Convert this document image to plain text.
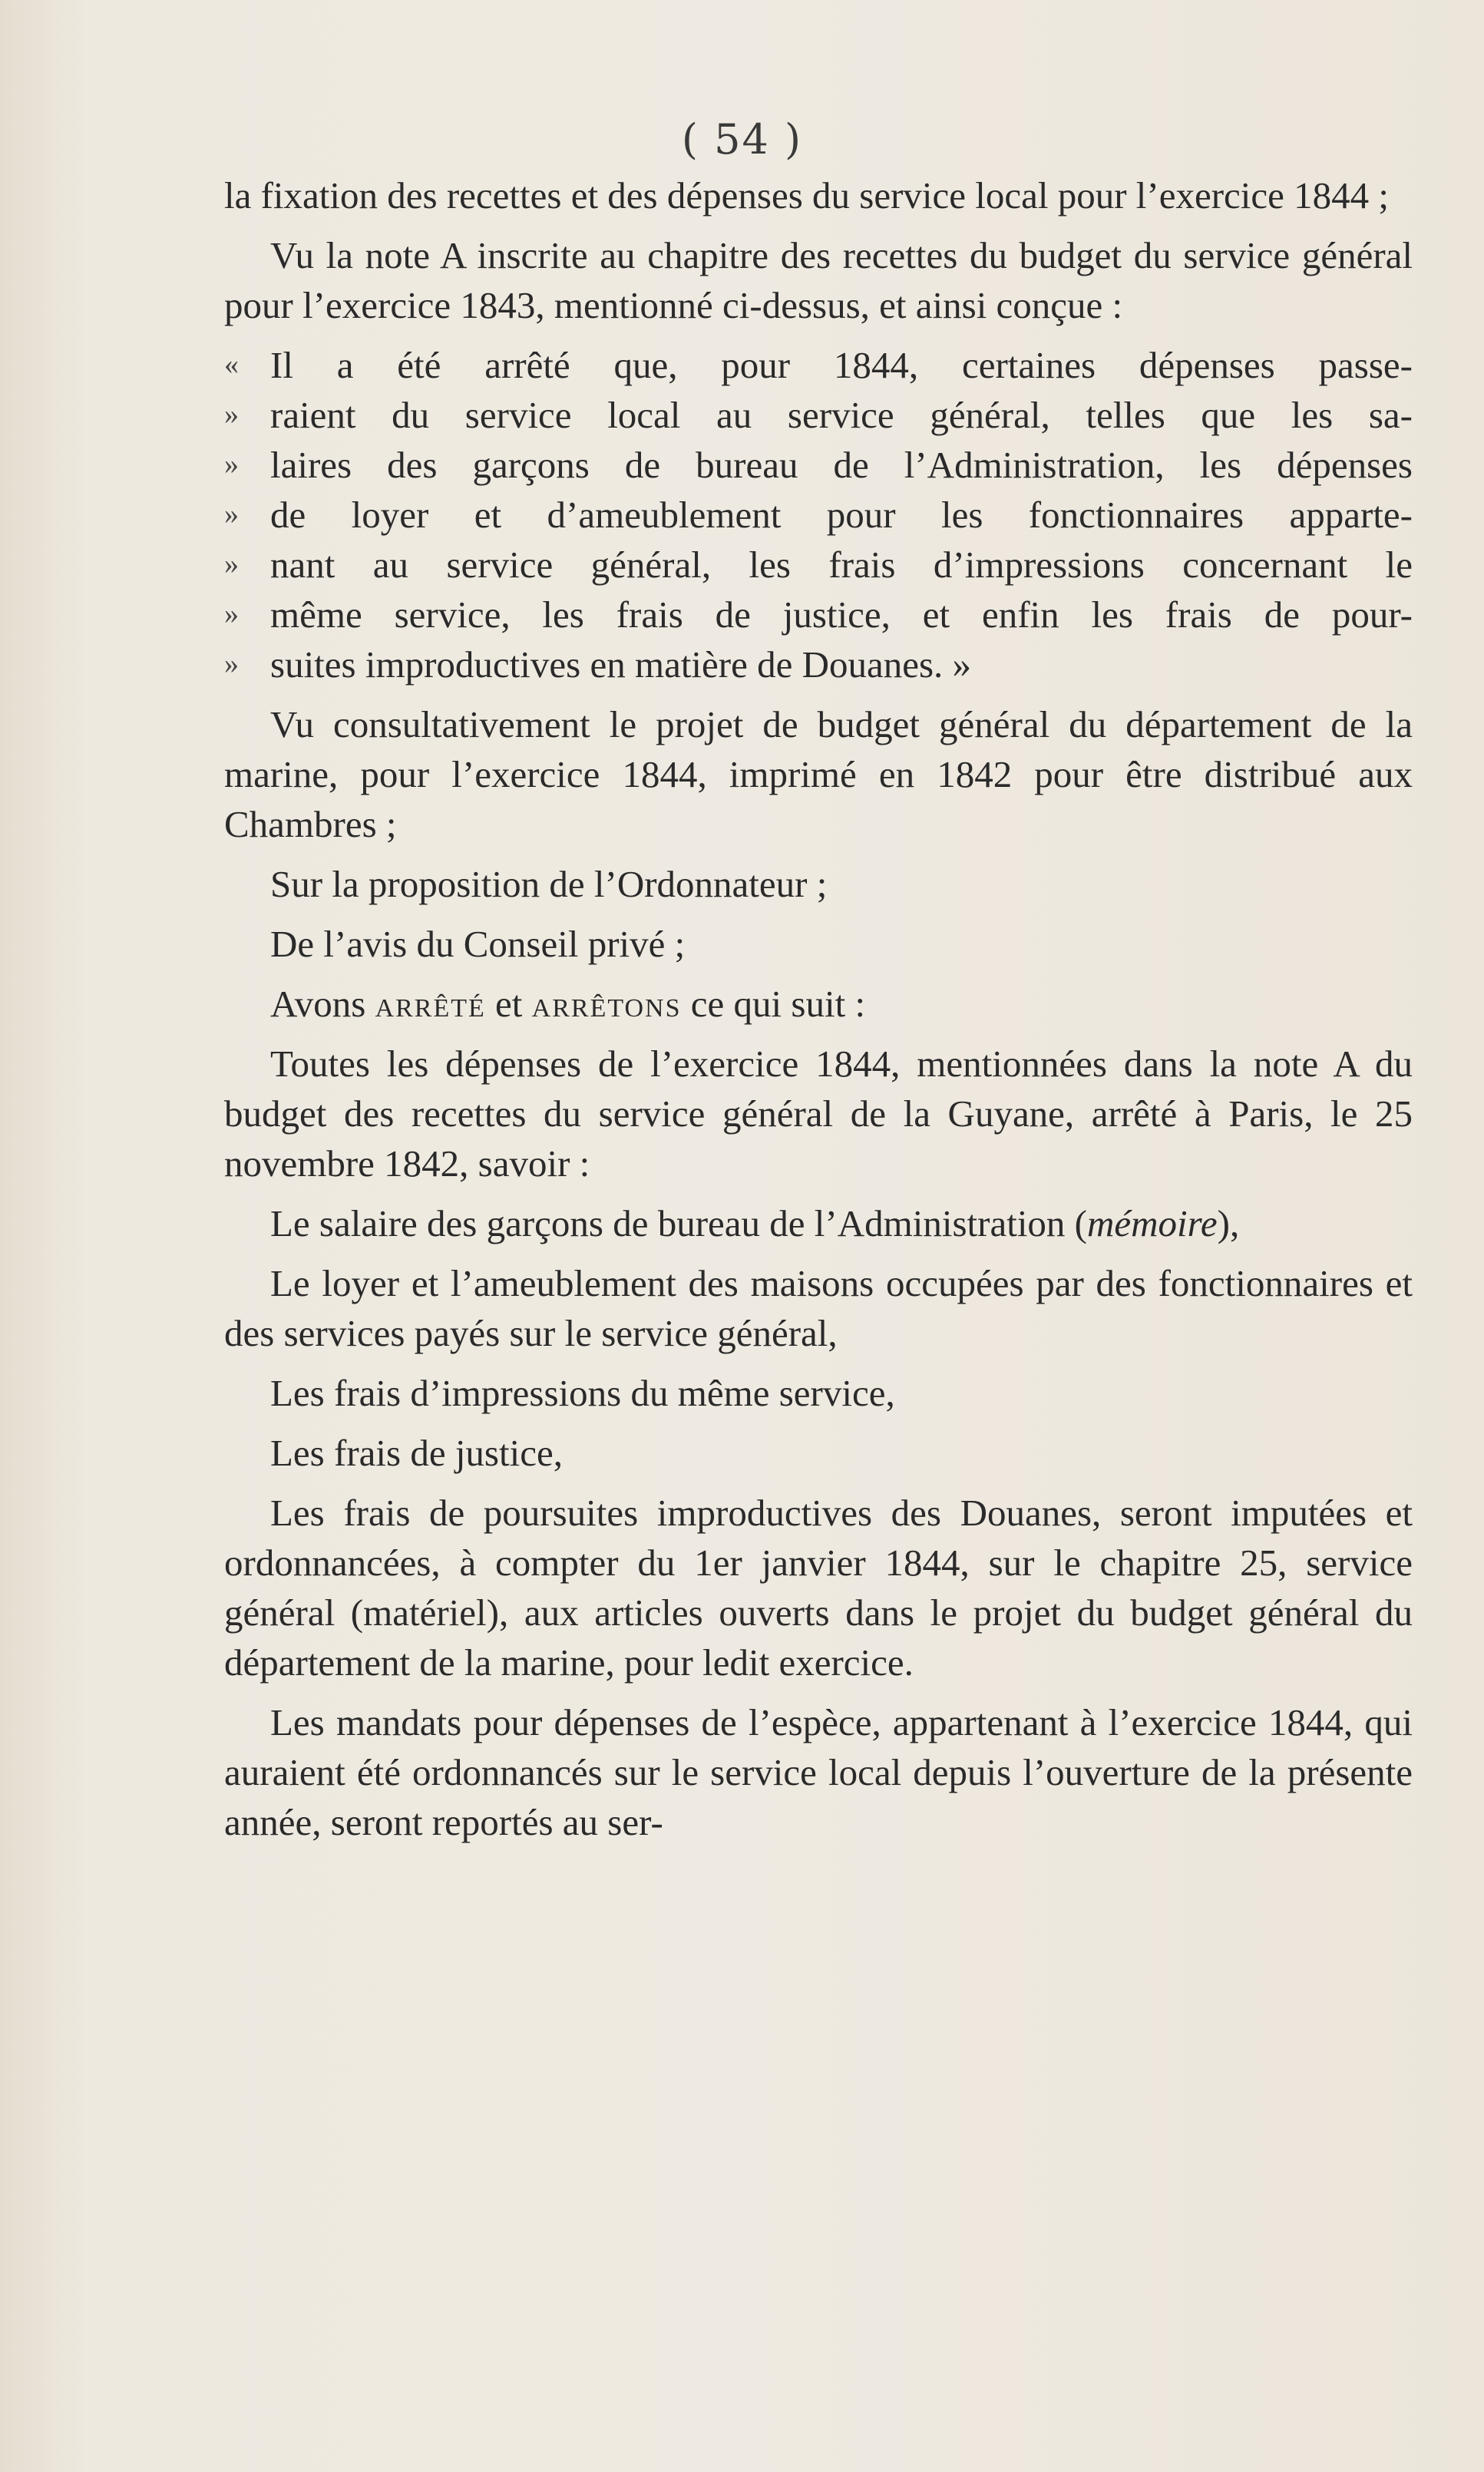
( 54 )

la fixation des recettes et des dépenses du service local pour l’exercice 1844 ;

Vu la note A inscrite au chapitre des recettes du budget du service général pour l’exercice 1843, mentionné ci-dessus, et ainsi conçue :

« Il a été arrêté que, pour 1844, certaines dépenses passe-
» raient du service local au service général, telles que les sa-
» laires des garçons de bureau de l’Administration, les dépenses
» de loyer et d’ameublement pour les fonctionnaires apparte-
» nant au service général, les frais d’impressions concernant le
» même service, les frais de justice, et enfin les frais de pour-
» suites improductives en matière de Douanes. »

Vu consultativement le projet de budget général du département de la marine, pour l’exercice 1844, imprimé en 1842 pour être distribué aux Chambres ;

Sur la proposition de l’Ordonnateur ;

De l’avis du Conseil privé ;

Avons arrêté et arrêtons ce qui suit :

Toutes les dépenses de l’exercice 1844, mentionnées dans la note A du budget des recettes du service général de la Guyane, arrêté à Paris, le 25 novembre 1842, savoir :

Le salaire des garçons de bureau de l’Administration (mémoire),

Le loyer et l’ameublement des maisons occupées par des fonctionnaires et des services payés sur le service général,

Les frais d’impressions du même service,

Les frais de justice,

Les frais de poursuites improductives des Douanes, seront imputées et ordonnancées, à compter du 1er janvier 1844, sur le chapitre 25, service général (matériel), aux articles ouverts dans le projet du budget général du département de la marine, pour ledit exercice.

Les mandats pour dépenses de l’espèce, appartenant à l’exercice 1844, qui auraient été ordonnancés sur le service local depuis l’ouverture de la présente année, seront reportés au ser-
